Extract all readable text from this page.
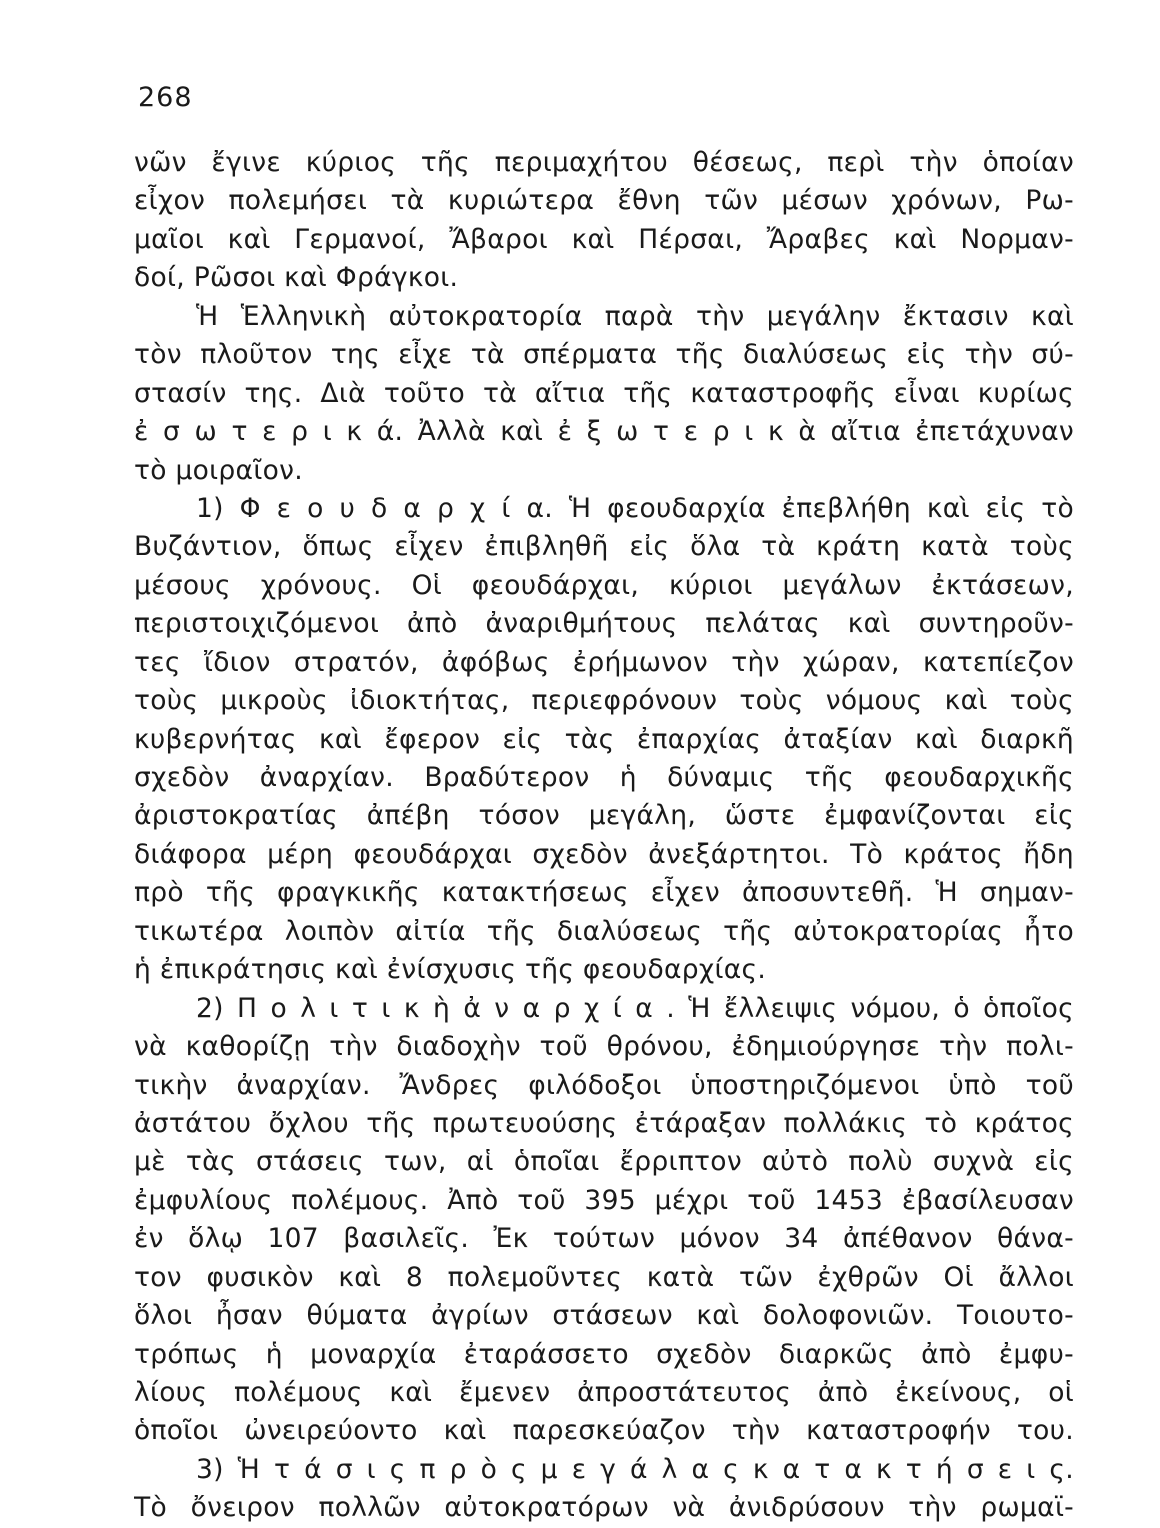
268
νῶν ἔγινε κύριος τῆς περιμαχήτου θέσεως, περὶ τὴν ὁποίαν
εἶχον πολεμήσει τὰ κυριώτερα ἔθνη τῶν μέσων χρόνων, Ρω-
μαῖοι καὶ Γερμανοί, Ἄβαροι καὶ Πέρσαι, Ἄραβες καὶ Νορμαν-
δοί, Ρῶσοι καὶ Φράγκοι.
Ἡ Ἑλληνικὴ αὐτοκρατορία παρὰ τὴν μεγάλην ἔκτασιν καὶ
τὸν πλοῦτον της εἶχε τὰ σπέρματα τῆς διαλύσεως εἰς τὴν σύ-
στασίν της. Διὰ τοῦτο τὰ αἴτια τῆς καταστροφῆς εἶναι κυρίως
ἐ σ ω τ ε ρ ι κ ά. Ἀλλὰ καὶ ἐ ξ ω τ ε ρ ι κ ὰ αἴτια ἐπετάχυναν
τὸ μοιραῖον.
1) Φ ε ο υ δ α ρ χ ί α. Ἡ φεουδαρχία ἐπεβλήθη καὶ εἰς τὸ
Βυζάντιον, ὅπως εἶχεν ἐπιβληθῆ εἰς ὅλα τὰ κράτη κατὰ τοὺς
μέσους χρόνους. Οἱ φεουδάρχαι, κύριοι μεγάλων ἐκτάσεων,
περιστοιχιζόμενοι ἀπὸ ἀναριθμήτους πελάτας καὶ συντηροῦν-
τες ἴδιον στρατόν, ἀφόβως ἐρήμωνον τὴν χώραν, κατεπίεζον
τοὺς μικροὺς ἰδιοκτήτας, περιεφρόνουν τοὺς νόμους καὶ τοὺς
κυβερνήτας καὶ ἔφερον εἰς τὰς ἐπαρχίας ἀταξίαν καὶ διαρκῆ
σχεδὸν ἀναρχίαν. Βραδύτερον ἡ δύναμις τῆς φεουδαρχικῆς
ἀριστοκρατίας ἀπέβη τόσον μεγάλη, ὥστε ἐμφανίζονται εἰς
διάφορα μέρη φεουδάρχαι σχεδὸν ἀνεξάρτητοι. Τὸ κράτος ἤδη
πρὸ τῆς φραγκικῆς κατακτήσεως εἶχεν ἀποσυντεθῆ. Ἡ σημαν-
τικωτέρα λοιπὸν αἰτία τῆς διαλύσεως τῆς αὐτοκρατορίας ἦτο
ἡ ἐπικράτησις καὶ ἐνίσχυσις τῆς φεουδαρχίας.
2) Π ο λ ι τ ι κ ὴ ἀ ν α ρ χ ί α . Ἡ ἔλλειψις νόμου, ὁ ὁποῖος
νὰ καθορίζῃ τὴν διαδοχὴν τοῦ θρόνου, ἐδημιούργησε τὴν πολι-
τικὴν ἀναρχίαν. Ἄνδρες φιλόδοξοι ὑποστηριζόμενοι ὑπὸ τοῦ
ἀστάτου ὄχλου τῆς πρωτευούσης ἐτάραξαν πολλάκις τὸ κράτος
μὲ τὰς στάσεις των, αἱ ὁποῖαι ἔρριπτον αὐτὸ πολὺ συχνὰ εἰς
ἐμφυλίους πολέμους. Ἀπὸ τοῦ 395 μέχρι τοῦ 1453 ἐβασίλευσαν
ἐν ὅλῳ 107 βασιλεῖς. Ἐκ τούτων μόνον 34 ἀπέθανον θάνα-
τον φυσικὸν καὶ 8 πολεμοῦντες κατὰ τῶν ἐχθρῶν Οἱ ἄλλοι
ὅλοι ἦσαν θύματα ἀγρίων στάσεων καὶ δολοφονιῶν. Τοιουτο-
τρόπως ἡ μοναρχία ἐταράσσετο σχεδὸν διαρκῶς ἀπὸ ἐμφυ-
λίους πολέμους καὶ ἔμενεν ἀπροστάτευτος ἀπὸ ἐκείνους, οἱ
ὁποῖοι ὠνειρεύοντο καὶ παρεσκεύαζον τὴν καταστροφήν του.
3) Ἡ τ ά σ ι ς π ρ ὸ ς μ ε γ ά λ α ς κ α τ α κ τ ή σ ε ι ς.
Τὸ ὄνειρον πολλῶν αὐτοκρατόρων νὰ ἀνιδρύσουν τὴν ρωμαϊ-
